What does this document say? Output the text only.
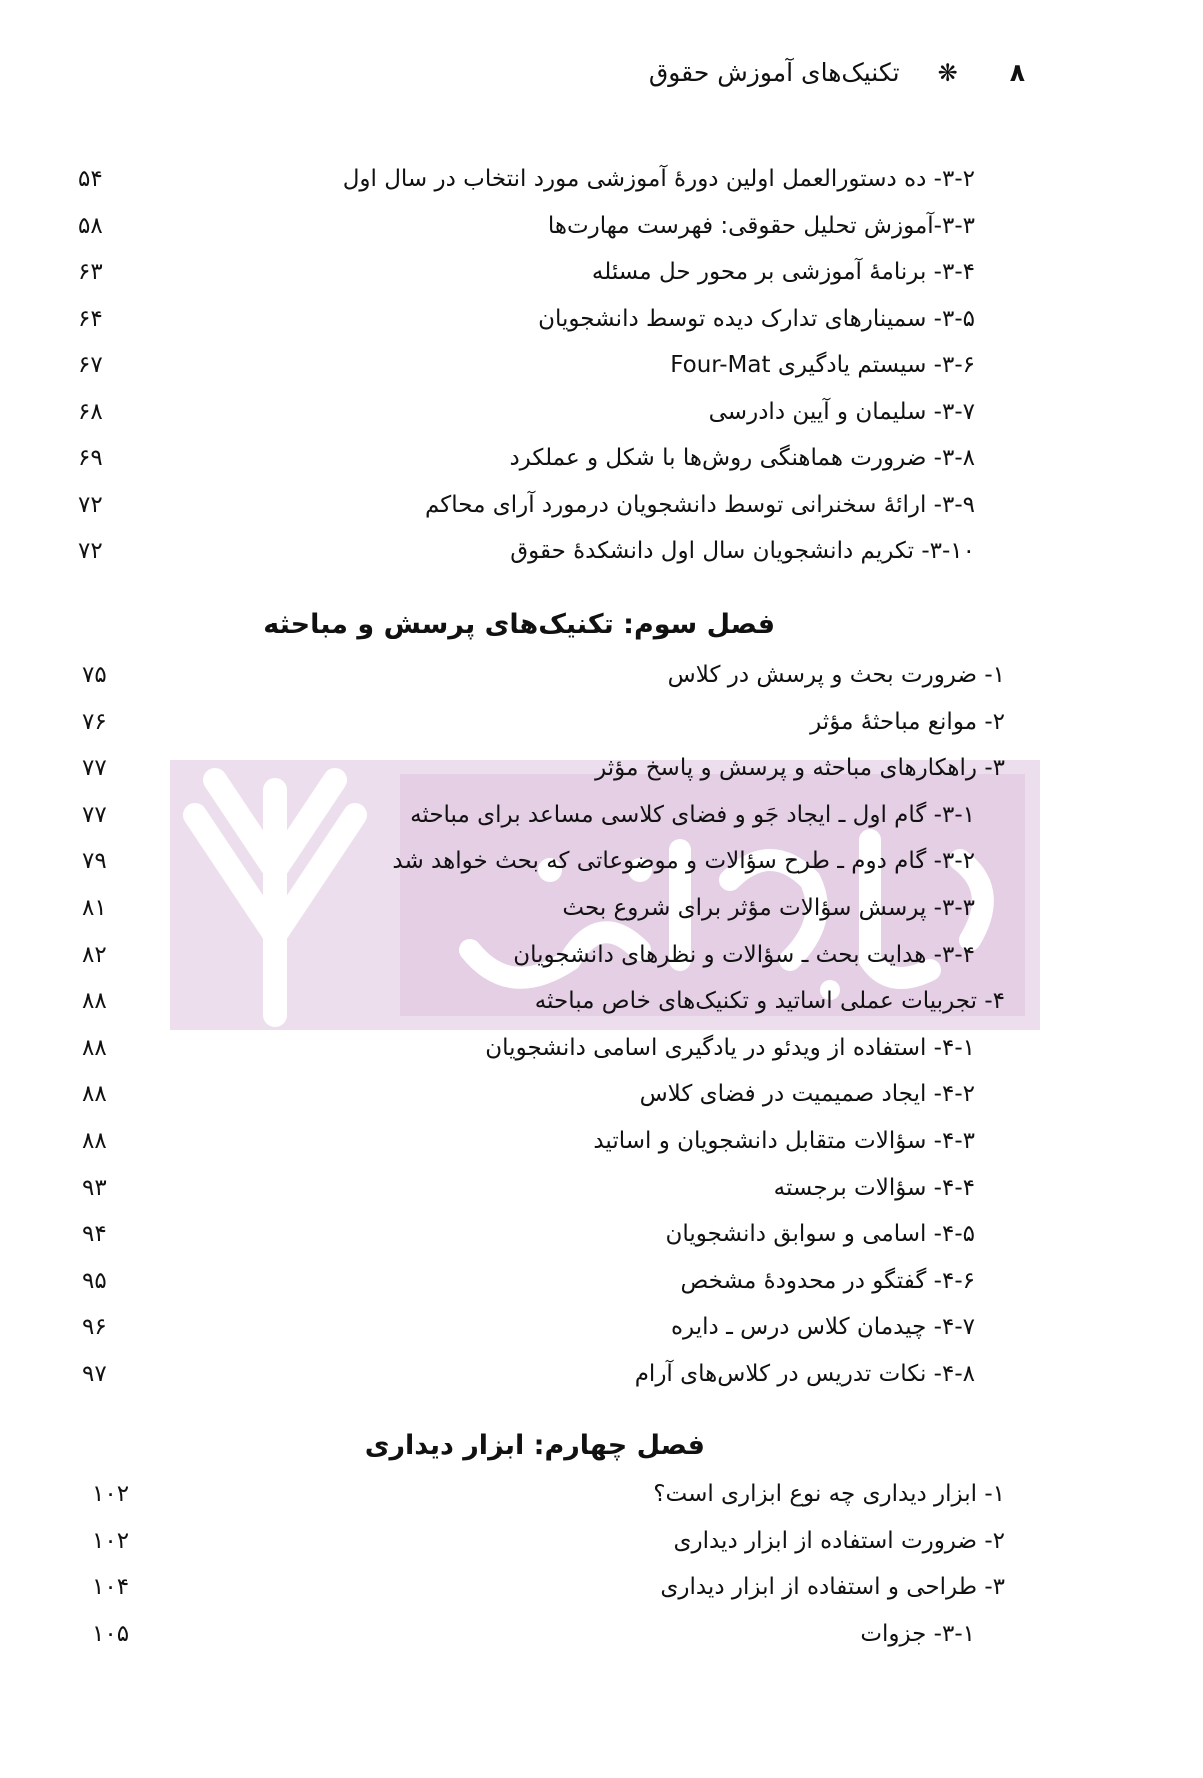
۸
❋
تکنیک‌های آموزش حقوق
۳-۲- ده دستورالعمل اولین دورۀ آموزشی مورد انتخاب در سال اول
۵۴
۳-۳-آموزش تحلیل حقوقی: فهرست مهارت‌ها
۵۸
۳-۴- برنامۀ آموزشی بر محور حل مسئله
۶۳
۳-۵- سمینارهای تدارک دیده توسط دانشجویان
۶۴
۳-۶- سیستم یادگیری Four-Mat
۶۷
۳-۷- سلیمان و آیین دادرسی
۶۸
۳-۸- ضرورت هماهنگی روش‌ها با شکل و عملکرد
۶۹
۳-۹- ارائۀ سخنرانی توسط دانشجویان درمورد آرای محاکم
۷۲
۳-۱۰- تکریم دانشجویان سال اول دانشکدۀ حقوق
۷۲
فصل سوم: تکنیک‌های پرسش و مباحثه
۱- ضرورت بحث و پرسش در کلاس
۷۵
۲- موانع مباحثۀ مؤثر
۷۶
۳- راهکارهای مباحثه و پرسش و پاسخ مؤثر
۷۷
۳-۱- گام اول ـ ایجاد جَو و فضای کلاسی مساعد برای مباحثه
۷۷
۳-۲- گام دوم ـ طرح سؤالات و موضوعاتی که بحث خواهد شد
۷۹
۳-۳- پرسش سؤالات مؤثر برای شروع بحث
۸۱
۳-۴- هدایت بحث ـ سؤالات و نظرهای دانشجویان
۸۲
۴- تجربیات عملی اساتید و تکنیک‌های خاص مباحثه
۸۸
۴-۱- استفاده از ویدئو در یادگیری اسامی دانشجویان
۸۸
۴-۲- ایجاد صمیمیت در فضای کلاس
۸۸
۴-۳- سؤالات متقابل دانشجویان و اساتید
۸۸
۴-۴- سؤالات برجسته
۹۳
۴-۵- اسامی و سوابق دانشجویان
۹۴
۴-۶- گفتگو در محدودۀ مشخص
۹۵
۴-۷- چیدمان کلاس درس ـ دایره
۹۶
۴-۸- نکات تدریس در کلاس‌های آرام
۹۷
فصل چهارم: ابزار دیداری
۱- ابزار دیداری چه نوع ابزاری است؟
۱۰۲
۲- ضرورت استفاده از ابزار دیداری
۱۰۲
۳- طراحی و استفاده از ابزار دیداری
۱۰۴
۳-۱- جزوات
۱۰۵
